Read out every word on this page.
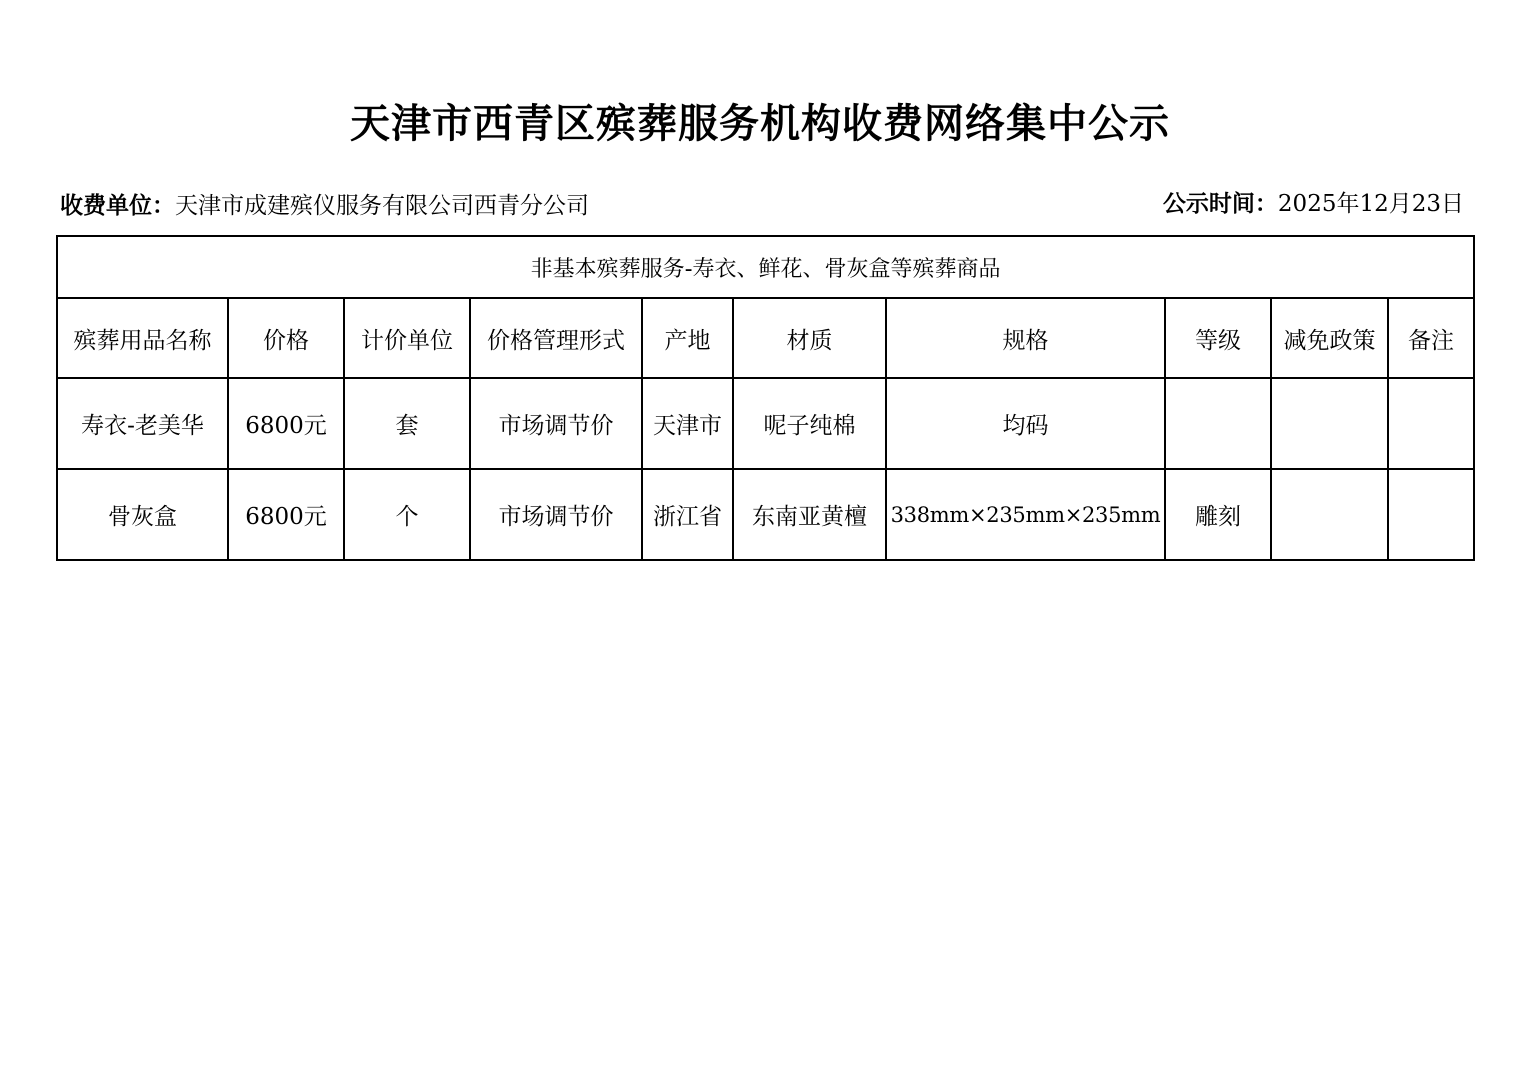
天津市西青区殡葬服务机构收费网络集中公示
收费单位：天津市成建殡仪服务有限公司西青分公司	公示时间：2025年12月23日
非基本殡葬服务-寿衣、鲜花、骨灰盒等殡葬商品									
殡葬用品名称	价格	计价单位	价格管理形式	产地	材质	规格	等级	减免政策	备注
寿衣-老美华	6800元	套	市场调节价	天津市	呢子纯棉	均码			
骨灰盒	6800元	个	市场调节价	浙江省	东南亚黄檀	338mm×235mm×235mm	雕刻		
